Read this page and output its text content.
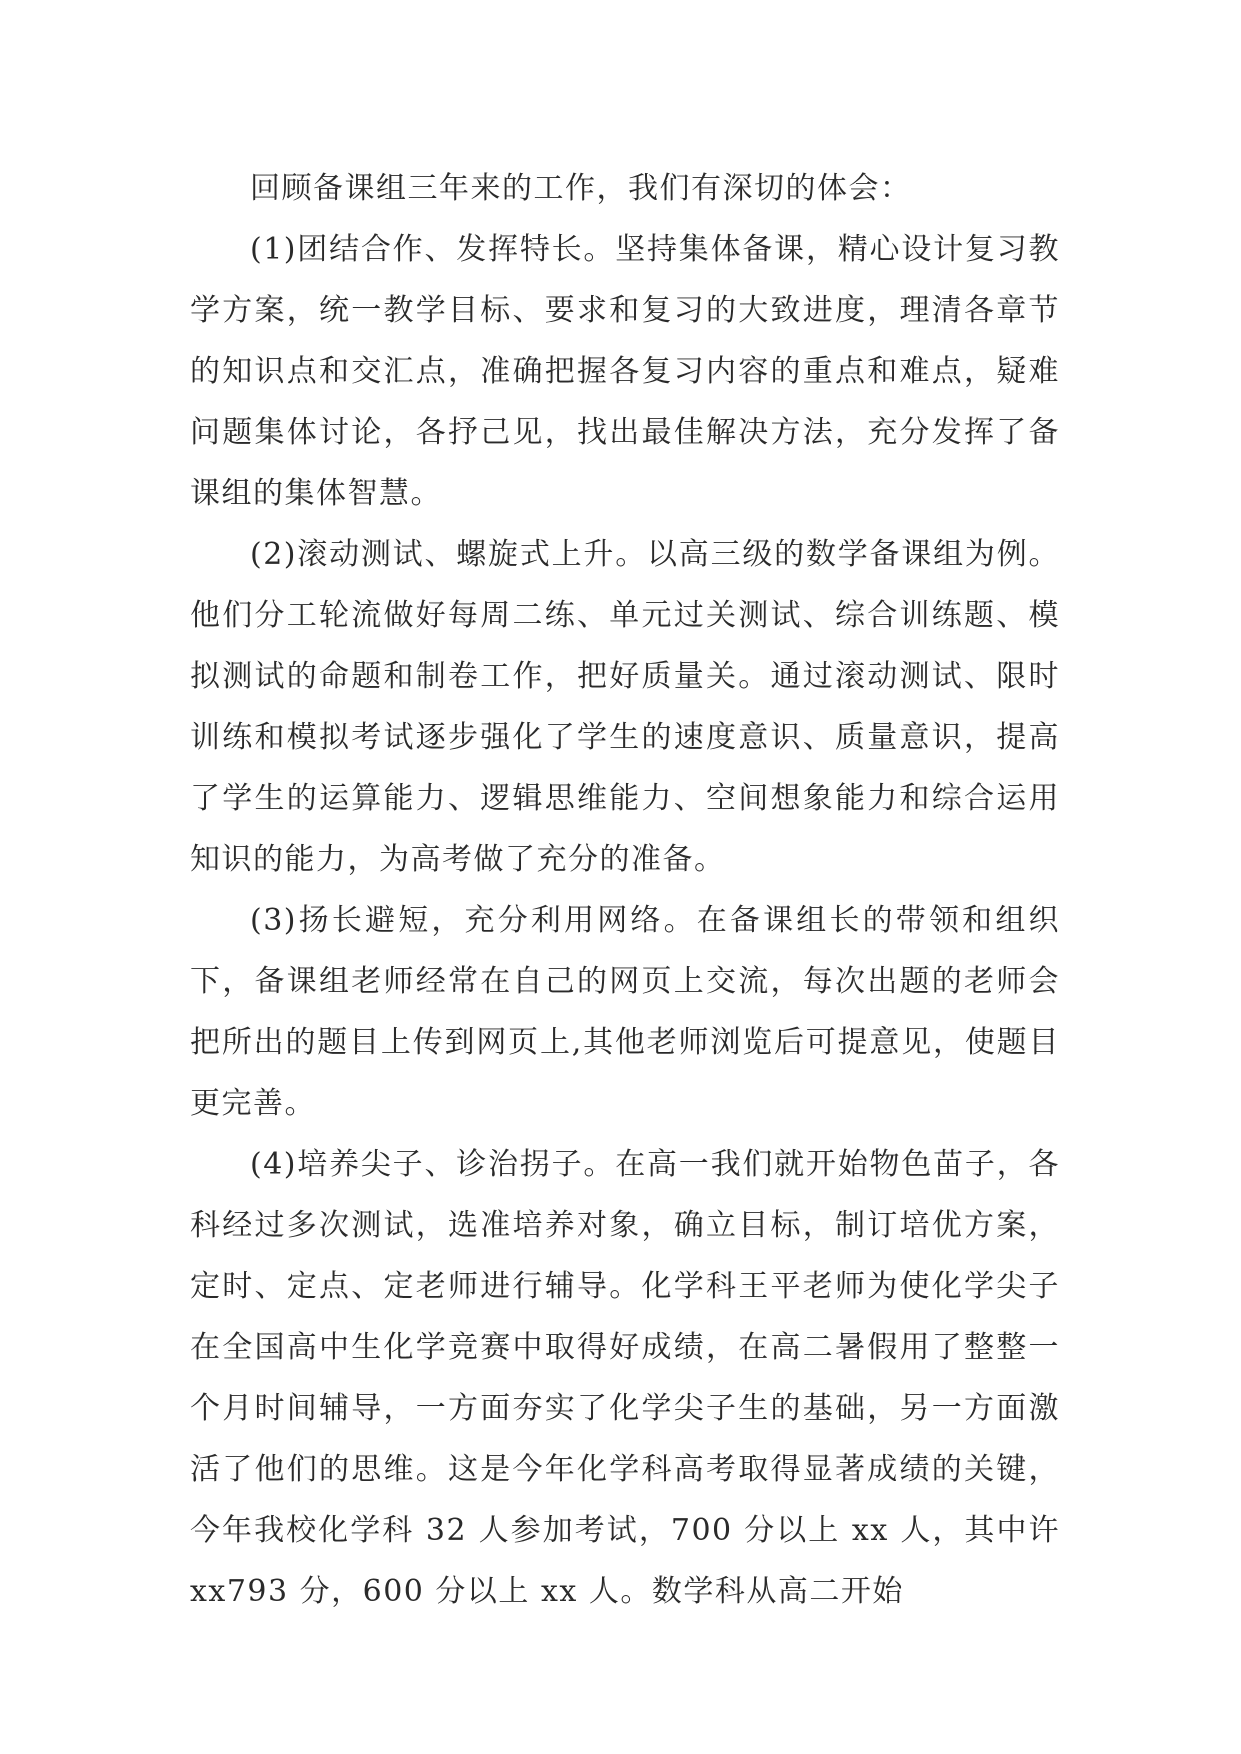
回顾备课组三年来的工作，我们有深切的体会：

(1)团结合作、发挥特长。坚持集体备课，精心设计复习教学方案，统一教学目标、要求和复习的大致进度，理清各章节的知识点和交汇点，准确把握各复习内容的重点和难点，疑难问题集体讨论，各抒己见，找出最佳解决方法，充分发挥了备课组的集体智慧。

(2)滚动测试、螺旋式上升。以高三级的数学备课组为例。他们分工轮流做好每周二练、单元过关测试、综合训练题、模拟测试的命题和制卷工作，把好质量关。通过滚动测试、限时训练和模拟考试逐步强化了学生的速度意识、质量意识，提高了学生的运算能力、逻辑思维能力、空间想象能力和综合运用知识的能力，为高考做了充分的准备。

(3)扬长避短，充分利用网络。在备课组长的带领和组织下，备课组老师经常在自己的网页上交流，每次出题的老师会把所出的题目上传到网页上,其他老师浏览后可提意见，使题目更完善。

(4)培养尖子、诊治拐子。在高一我们就开始物色苗子，各科经过多次测试，选准培养对象，确立目标，制订培优方案，定时、定点、定老师进行辅导。化学科王平老师为使化学尖子在全国高中生化学竞赛中取得好成绩，在高二暑假用了整整一个月时间辅导，一方面夯实了化学尖子生的基础，另一方面激活了他们的思维。这是今年化学科高考取得显著成绩的关键，今年我校化学科 32 人参加考试，700 分以上 xx 人，其中许 xx793 分，600 分以上 xx 人。数学科从高二开始
